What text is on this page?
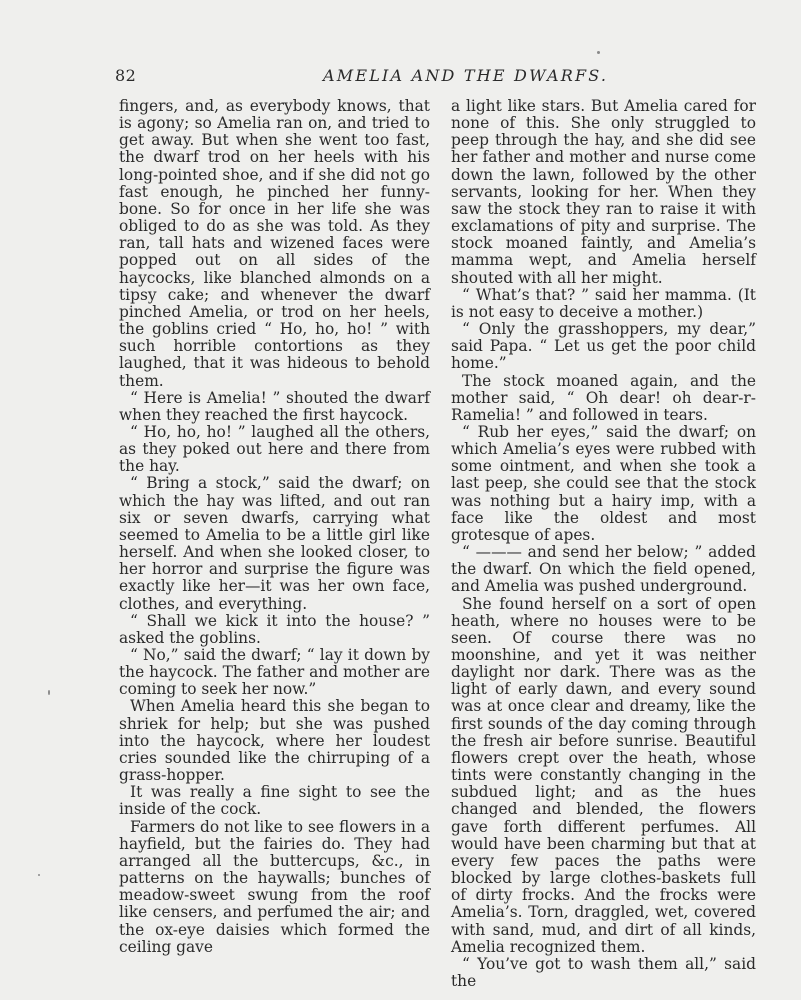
82	AMELIA AND THE DWARFS.

fingers, and, as everybody knows, that is agony; so Amelia ran on, and tried to get away. But when she went too fast, the dwarf trod on her heels with his long-pointed shoe, and if she did not go fast enough, he pinched her funny-bone. So for once in her life she was obliged to do as she was told. As they ran, tall hats and wizened faces were popped out on all sides of the haycocks, like blanched almonds on a tipsy cake; and whenever the dwarf pinched Amelia, or trod on her heels, the goblins cried “ Ho, ho, ho! ” with such horrible contortions as they laughed, that it was hideous to behold them.

“ Here is Amelia! ” shouted the dwarf when they reached the first haycock.

“ Ho, ho, ho! ” laughed all the others, as they poked out here and there from the hay.

“ Bring a stock,” said the dwarf; on which the hay was lifted, and out ran six or seven dwarfs, carrying what seemed to Amelia to be a little girl like herself. And when she looked closer, to her horror and surprise the figure was exactly like her—it was her own face, clothes, and everything.

“ Shall we kick it into the house? ” asked the goblins.

“ No,” said the dwarf; “ lay it down by the haycock. The father and mother are coming to seek her now.”

When Amelia heard this she began to shriek for help; but she was pushed into the haycock, where her loudest cries sounded like the chirruping of a grass-hopper.

It was really a fine sight to see the inside of the cock.

Farmers do not like to see flowers in a hayfield, but the fairies do. They had arranged all the buttercups, &c., in patterns on the haywalls; bunches of meadow-sweet swung from the roof like censers, and perfumed the air; and the ox-eye daisies which formed the ceiling gave

a light like stars. But Amelia cared for none of this. She only struggled to peep through the hay, and she did see her father and mother and nurse come down the lawn, followed by the other servants, looking for her. When they saw the stock they ran to raise it with exclamations of pity and surprise. The stock moaned faintly, and Amelia’s mamma wept, and Amelia herself shouted with all her might.

“ What’s that? ” said her mamma. (It is not easy to deceive a mother.)

“ Only the grasshoppers, my dear,” said Papa. “ Let us get the poor child home.”

The stock moaned again, and the mother said, “ Oh dear! oh dear-r-Ramelia! ” and followed in tears.

“ Rub her eyes,” said the dwarf; on which Amelia’s eyes were rubbed with some ointment, and when she took a last peep, she could see that the stock was nothing but a hairy imp, with a face like the oldest and most grotesque of apes.

“ ——— and send her below; ” added the dwarf. On which the field opened, and Amelia was pushed underground.

She found herself on a sort of open heath, where no houses were to be seen. Of course there was no moonshine, and yet it was neither daylight nor dark. There was as the light of early dawn, and every sound was at once clear and dreamy, like the first sounds of the day coming through the fresh air before sunrise. Beautiful flowers crept over the heath, whose tints were constantly changing in the subdued light; and as the hues changed and blended, the flowers gave forth different perfumes. All would have been charming but that at every few paces the paths were blocked by large clothes-baskets full of dirty frocks. And the frocks were Amelia’s. Torn, draggled, wet, covered with sand, mud, and dirt of all kinds, Amelia recognized them.

“ You’ve got to wash them all,” said the
